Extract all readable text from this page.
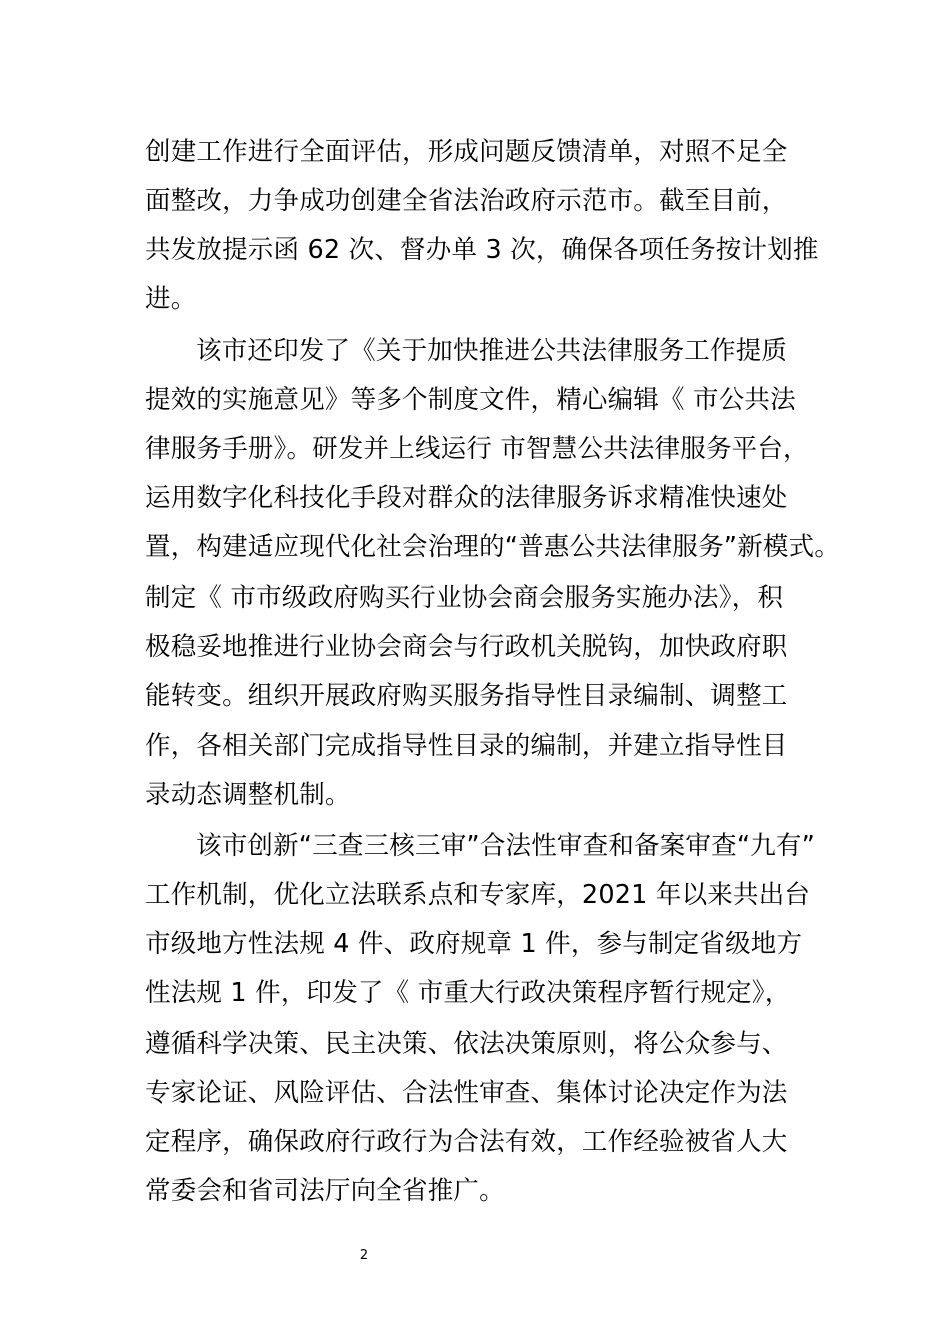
创建工作进行全面评估，形成问题反馈清单，对照不足全
面整改，力争成功创建全省法治政府示范市。截至目前，
共发放提示函 62 次、督办单 3 次，确保各项任务按计划推
进。
该市还印发了《关于加快推进公共法律服务工作提质
提效的实施意见》等多个制度文件，精心编辑《 市公共法
律服务手册》。研发并上线运行 市智慧公共法律服务平台，
运用数字化科技化手段对群众的法律服务诉求精准快速处
置，构建适应现代化社会治理的“普惠公共法律服务”新模式。
制定《 市市级政府购买行业协会商会服务实施办法》，积
极稳妥地推进行业协会商会与行政机关脱钩，加快政府职
能转变。组织开展政府购买服务指导性目录编制、调整工
作，各相关部门完成指导性目录的编制，并建立指导性目
录动态调整机制。
该市创新“三查三核三审”合法性审查和备案审查“九有”
工作机制，优化立法联系点和专家库，2021 年以来共出台
市级地方性法规 4 件、政府规章 1 件，参与制定省级地方
性法规 1 件，印发了《 市重大行政决策程序暂行规定》，
遵循科学决策、民主决策、依法决策原则，将公众参与、
专家论证、风险评估、合法性审查、集体讨论决定作为法
定程序，确保政府行政行为合法有效，工作经验被省人大
常委会和省司法厅向全省推广。
2
